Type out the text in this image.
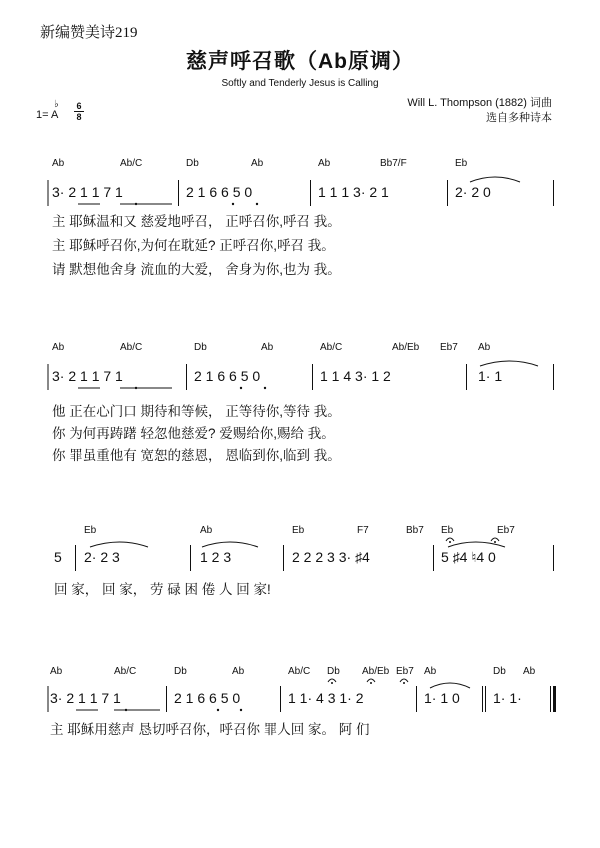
新编赞美诗219
慈声呼召歌（Ab原调）
Softly and Tenderly Jesus is Calling
Will L. Thompson (1882) 词曲
选自多种诗本
1= A
♭ 6
8
Ab	Ab/C	Db	Ab	Ab	Bb7/F	Eb
3· 2 1 1 7 1	2 1 6 6 5 0	1 1 1 3· 2 1	2· 2 0
主 耶稣温和又 慈爱地呼召， 正呼召你,呼召 我。
主 耶稣呼召你,为何在耽延? 正呼召你,呼召 我。
请 默想他舍身 流血的大爱， 舍身为你,也为 我。
Ab	Ab/C	Db	Ab	Ab/C	Ab/Eb Eb7 Ab
3· 2 1 1 7 1	2 1 6 6 5 0	1 1 4 3· 1 2	1· 1
他 正在心门口 期待和等候， 正等待你,等待 我。
你 为何再踌躇 轻忽他慈爱? 爱赐给你,赐给 我。
你 罪虽重他有 宽恕的慈恩， 恩临到你,临到 我。
Eb	Ab	Eb	F7	Bb7 Eb	Eb7
5 2· 2 3	1 2 3	2 2 2 3 3· ♯4	5 ♯4 ♮4 0
回 家， 回 家， 劳 碌 困 倦 人 回 家!
Ab	Ab/C	Db	Ab	Ab/C Db Ab/Eb Eb7 Ab	Db Ab
3· 2 1 1 7 1	2 1 6 6 5 0	1 1· 4 3 1· 2	1· 1 0 1· 1·
主 耶稣用慈声 恳切呼召你，呼召你 罪人回 家。 阿 们
